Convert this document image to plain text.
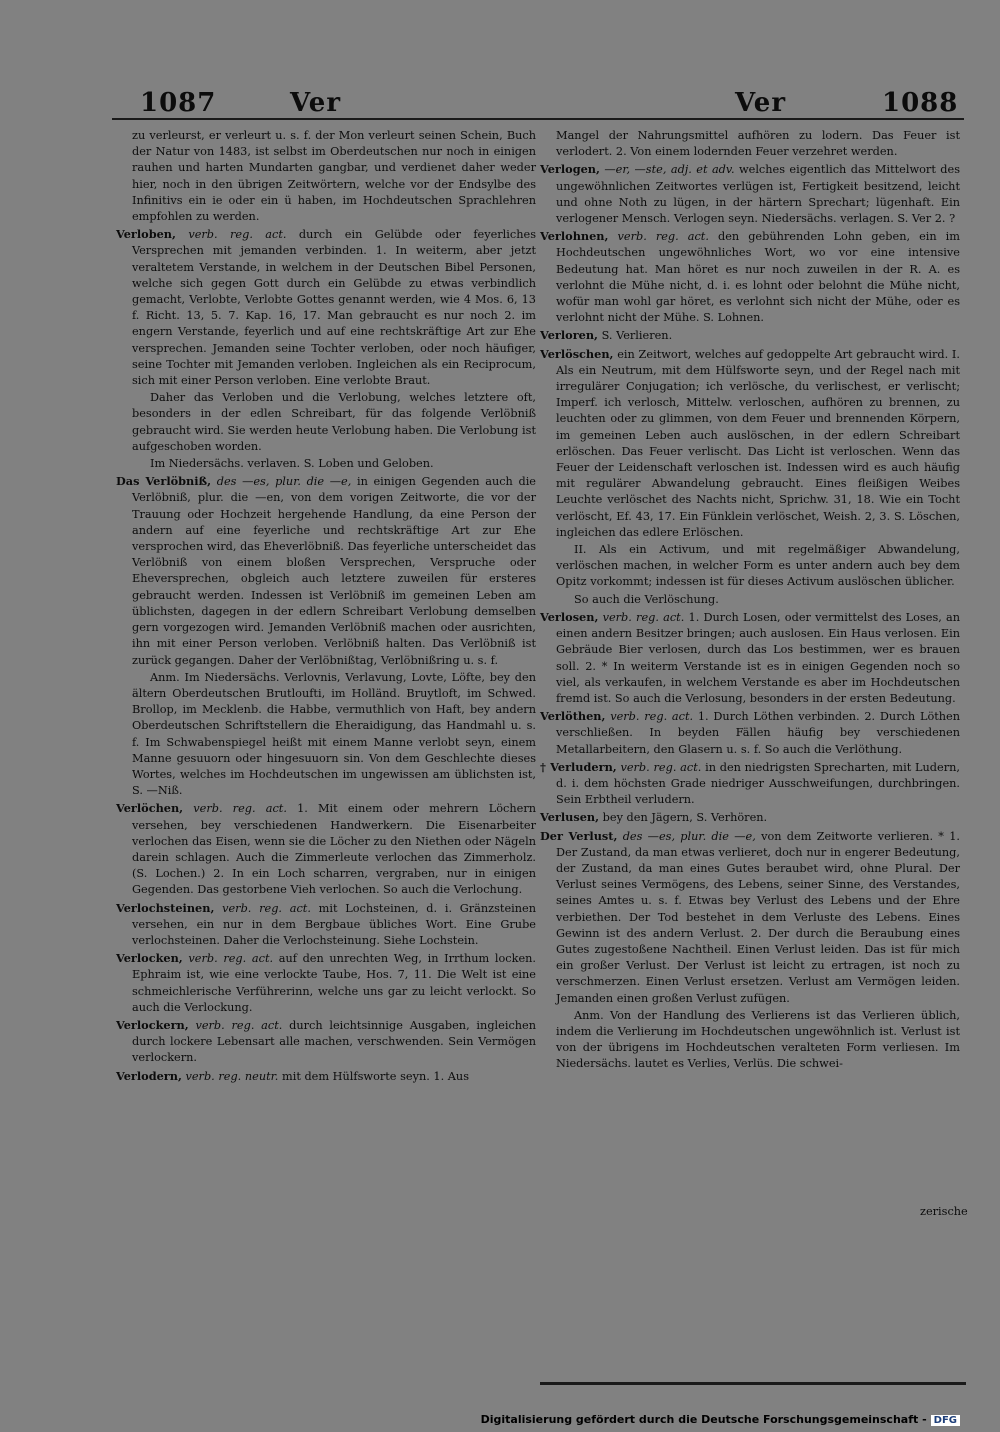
1087	Ver	Ver	1088

zu verleurst, er verleurt u. s. f. der Mon verleurt seinen Schein, Buch der Natur von 1483, ist selbst im Oberdeutschen nur noch in einigen rauhen und harten Mundarten gangbar, und verdienet daher weder hier, noch in den übrigen Zeitwörtern, welche vor der Endsylbe des Infinitivs ein ie oder ein ü haben, im Hochdeutschen Sprachlehren empfohlen zu werden.

Verloben, verb. reg. act. durch ein Gelübde oder feyerliches Versprechen mit jemanden verbinden. 1. In weiterm, aber jetzt veraltetem Verstande, in welchem in der Deutschen Bibel Personen, welche sich gegen Gott durch ein Gelübde zu etwas verbindlich gemacht, Verlobte, Verlobte Gottes genannt werden, wie 4 Mos. 6, 13 f. Richt. 13, 5. 7. Kap. 16, 17. Man gebraucht es nur noch 2. im engern Verstande, feyerlich und auf eine rechtskräftige Art zur Ehe versprechen. Jemanden seine Tochter verloben, oder noch häufiger, seine Tochter mit Jemanden verloben. Ingleichen als ein Reciprocum, sich mit einer Person verloben. Eine verlobte Braut.

Daher das Verloben und die Verlobung, welches letztere oft, besonders in der edlen Schreibart, für das folgende Verlöbniß gebraucht wird. Sie werden heute Verlobung haben. Die Verlobung ist aufgeschoben worden.

Im Niedersächs. verlaven. S. Loben und Geloben.

Das Verlöbniß, des —es, plur. die —e, in einigen Gegenden auch die Verlöbniß, plur. die —en, von dem vorigen Zeitworte, die vor der Trauung oder Hochzeit hergehende Handlung, da eine Person der andern auf eine feyerliche und rechtskräftige Art zur Ehe versprochen wird, das Eheverlöbniß. Das feyerliche unterscheidet das Verlöbniß von einem bloßen Versprechen, Verspruche oder Eheversprechen, obgleich auch letztere zuweilen für ersteres gebraucht werden. Indessen ist Verlöbniß im gemeinen Leben am üblichsten, dagegen in der edlern Schreibart Verlobung demselben gern vorgezogen wird. Jemanden Verlöbniß machen oder ausrichten, ihn mit einer Person verloben. Verlöbniß halten. Das Verlöbniß ist zurück gegangen. Daher der Verlöbnißtag, Verlöbnißring u. s. f.

Anm. Im Niedersächs. Verlovnis, Verlavung, Lovte, Löfte, bey den ältern Oberdeutschen Brutloufti, im Holländ. Bruytloft, im Schwed. Brollop, im Mecklenb. die Habbe, vermuthlich von Haft, bey andern Oberdeutschen Schriftstellern die Eheraidigung, das Handmahl u. s. f. Im Schwabenspiegel heißt mit einem Manne verlobt seyn, einem Manne gesuuorn oder hingesuuorn sin. Von dem Geschlechte dieses Wortes, welches im Hochdeutschen im ungewissen am üblichsten ist, S. —Niß.

Verlöchen, verb. reg. act. 1. Mit einem oder mehrern Löchern versehen, bey verschiedenen Handwerkern. Die Eisenarbeiter verlochen das Eisen, wenn sie die Löcher zu den Niethen oder Nägeln darein schlagen. Auch die Zimmerleute verlochen das Zimmerholz. (S. Lochen.) 2. In ein Loch scharren, vergraben, nur in einigen Gegenden. Das gestorbene Vieh verlochen. So auch die Verlochung.

Verlochsteinen, verb. reg. act. mit Lochsteinen, d. i. Gränzsteinen versehen, ein nur in dem Bergbaue übliches Wort. Eine Grube verlochsteinen. Daher die Verlochsteinung. Siehe Lochstein.

Verlocken, verb. reg. act. auf den unrechten Weg, in Irrthum locken. Ephraim ist, wie eine verlockte Taube, Hos. 7, 11. Die Welt ist eine schmeichlerische Verführerinn, welche uns gar zu leicht verlockt. So auch die Verlockung.

Verlockern, verb. reg. act. durch leichtsinnige Ausgaben, ingleichen durch lockere Lebensart alle machen, verschwenden. Sein Vermögen verlockern.

Verlodern, verb. reg. neutr. mit dem Hülfsworte seyn. 1. Aus

Mangel der Nahrungsmittel aufhören zu lodern. Das Feuer ist verlodert. 2. Von einem lodernden Feuer verzehret werden.

Verlogen, —er, —ste, adj. et adv. welches eigentlich das Mittelwort des ungewöhnlichen Zeitwortes verlügen ist, Fertigkeit besitzend, leicht und ohne Noth zu lügen, in der härtern Sprechart; lügenhaft. Ein verlogener Mensch. Verlogen seyn. Niedersächs. verlagen. S. Ver 2. ?

Verlohnen, verb. reg. act. den gebührenden Lohn geben, ein im Hochdeutschen ungewöhnliches Wort, wo vor eine intensive Bedeutung hat. Man höret es nur noch zuweilen in der R. A. es verlohnt die Mühe nicht, d. i. es lohnt oder belohnt die Mühe nicht, wofür man wohl gar höret, es verlohnt sich nicht der Mühe, oder es verlohnt nicht der Mühe. S. Lohnen.

Verloren, S. Verlieren.

Verlöschen, ein Zeitwort, welches auf gedoppelte Art gebraucht wird. I. Als ein Neutrum, mit dem Hülfsworte seyn, und der Regel nach mit irregulärer Conjugation; ich verlösche, du verlischest, er verlischt; Imperf. ich verlosch, Mittelw. verloschen, aufhören zu brennen, zu leuchten oder zu glimmen, von dem Feuer und brennenden Körpern, im gemeinen Leben auch auslöschen, in der edlern Schreibart erlöschen. Das Feuer verlischt. Das Licht ist verloschen. Wenn das Feuer der Leidenschaft verloschen ist. Indessen wird es auch häufig mit regulärer Abwandelung gebraucht. Eines fleißigen Weibes Leuchte verlöschet des Nachts nicht, Sprichw. 31, 18. Wie ein Tocht verlöscht, Ef. 43, 17. Ein Fünklein verlöschet, Weish. 2, 3. S. Löschen, ingleichen das edlere Erlöschen.

II. Als ein Activum, und mit regelmäßiger Abwandelung, verlöschen machen, in welcher Form es unter andern auch bey dem Opitz vorkommt; indessen ist für dieses Activum auslöschen üblicher.

So auch die Verlöschung.

Verlosen, verb. reg. act. 1. Durch Losen, oder vermittelst des Loses, an einen andern Besitzer bringen; auch auslosen. Ein Haus verlosen. Ein Gebräude Bier verlosen, durch das Los bestimmen, wer es brauen soll. 2. * In weiterm Verstande ist es in einigen Gegenden noch so viel, als verkaufen, in welchem Verstande es aber im Hochdeutschen fremd ist. So auch die Verlosung, besonders in der ersten Bedeutung.

Verlöthen, verb. reg. act. 1. Durch Löthen verbinden. 2. Durch Löthen verschließen. In beyden Fällen häufig bey verschiedenen Metallarbeitern, den Glasern u. s. f. So auch die Verlöthung.

† Verludern, verb. reg. act. in den niedrigsten Sprecharten, mit Ludern, d. i. dem höchsten Grade niedriger Ausschweifungen, durchbringen. Sein Erbtheil verludern.

Verlusen, bey den Jägern, S. Verhören.

Der Verlust, des —es, plur. die —e, von dem Zeitworte verlieren. * 1. Der Zustand, da man etwas verlieret, doch nur in engerer Bedeutung, der Zustand, da man eines Gutes beraubet wird, ohne Plural. Der Verlust seines Vermögens, des Lebens, seiner Sinne, des Verstandes, seines Amtes u. s. f. Etwas bey Verlust des Lebens und der Ehre verbiethen. Der Tod bestehet in dem Verluste des Lebens. Eines Gewinn ist des andern Verlust. 2. Der durch die Beraubung eines Gutes zugestoßene Nachtheil. Einen Verlust leiden. Das ist für mich ein großer Verlust. Der Verlust ist leicht zu ertragen, ist noch zu verschmerzen. Einen Verlust ersetzen. Verlust am Vermögen leiden. Jemanden einen großen Verlust zufügen.

Anm. Von der Handlung des Verlierens ist das Verlieren üblich, indem die Verlierung im Hochdeutschen ungewöhnlich ist. Verlust ist von der übrigens im Hochdeutschen veralteten Form verliesen. Im Niedersächs. lautet es Verlies, Verlüs. Die schwei-

zerische
Digitalisierung gefördert durch die Deutsche Forschungsgemeinschaft - DFG
